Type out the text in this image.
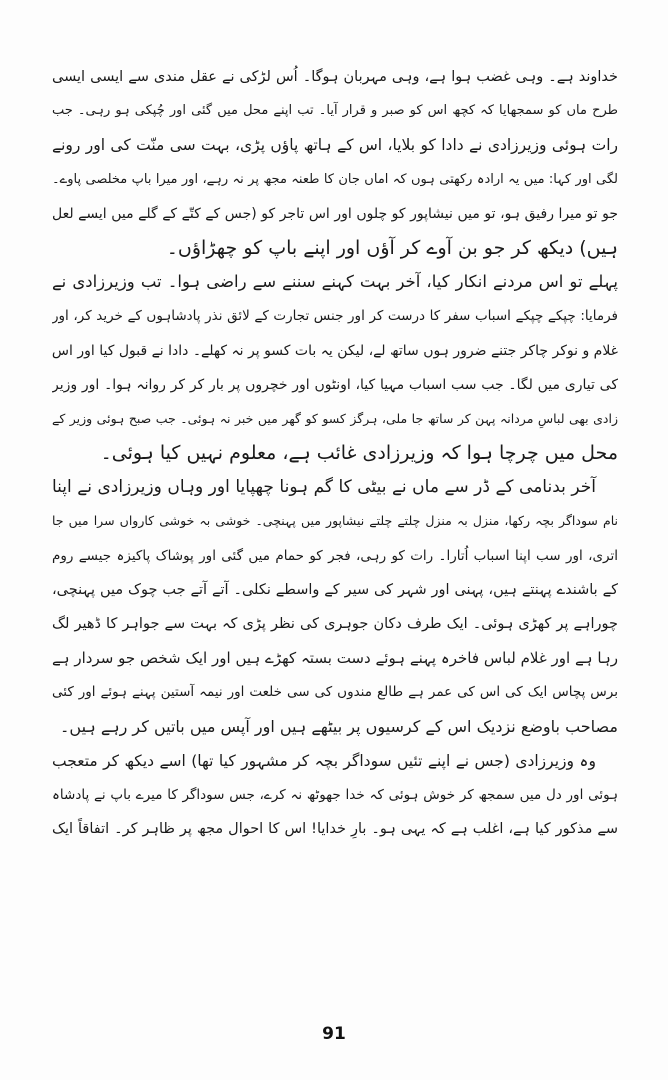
خداوند ہے۔ وہی غضب ہوا ہے، وہی مہربان ہوگا۔ اُس لڑکی نے عقل مندی سے ایسی ایسی
طرح ماں کو سمجھایا کہ کچھ اس کو صبر و قرار آیا۔ تب اپنے محل میں گئی اور چُپکی ہو رہی۔ جب
رات ہوئی وزیرزادی نے دادا کو بلایا، اس کے ہاتھ پاؤں پڑی، بہت سی منّت کی اور رونے
لگی اور کہا: میں یہ ارادہ رکھتی ہوں کہ اماں جان کا طعنہ مجھ پر نہ رہے، اور میرا باپ مخلصی پاوے۔
جو تو میرا رفیق ہو، تو میں نیشاپور کو چلوں اور اس تاجر کو (جس کے کتّے کے گلے میں ایسے لعل
ہیں) دیکھ کر جو بن آوے کر آؤں اور اپنے باپ کو چھڑاؤں۔
پہلے تو اس مردنے انکار کیا، آخر بہت کہنے سننے سے راضی ہوا۔ تب وزیرزادی نے
فرمایا: چپکے چپکے اسباب سفر کا درست کر اور جنس تجارت کے لائق نذر پادشاہوں کے خرید کر، اور
غلام و نوکر چاکر جتنے ضرور ہوں ساتھ لے، لیکن یہ بات کسو پر نہ کھلے۔ دادا نے قبول کیا اور اس
کی تیاری میں لگا۔ جب سب اسباب مہیا کیا، اونٹوں اور خچروں پر بار کر کر روانہ ہوا۔ اور وزیر
زادی بھی لباسِ مردانہ پہن کر ساتھ جا ملی، ہرگز کسو کو گھر میں خبر نہ ہوئی۔ جب صبح ہوئی وزیر کے
محل میں چرچا ہوا کہ وزیرزادی غائب ہے، معلوم نہیں کیا ہوئی۔
آخر بدنامی کے ڈر سے ماں نے بیٹی کا گم ہونا چھپایا اور وہاں وزیرزادی نے اپنا
نام سوداگر بچہ رکھا، منزل بہ منزل چلتے چلتے نیشاپور میں پہنچی۔ خوشی بہ خوشی کارواں سرا میں جا
اتری، اور سب اپنا اسباب اُتارا۔ رات کو رہی، فجر کو حمام میں گئی اور پوشاک پاکیزہ جیسے روم
کے باشندے پہنتے ہیں، پہنی اور شہر کی سیر کے واسطے نکلی۔ آتے آتے جب چوک میں پہنچی،
چوراہے پر کھڑی ہوئی۔ ایک طرف دکان جوہری کی نظر پڑی کہ بہت سے جواہر کا ڈھیر لگ
رہا ہے اور غلام لباس فاخرہ پہنے ہوئے دست بستہ کھڑے ہیں اور ایک شخص جو سردار ہے
برس پچاس ایک کی اس کی عمر ہے طالع مندوں کی سی خلعت اور نیمہ آستین پہنے ہوئے اور کئی
مصاحب باوضع نزدیک اس کے کرسیوں پر بیٹھے ہیں اور آپس میں باتیں کر رہے ہیں۔
وہ وزیرزادی (جس نے اپنے تئیں سوداگر بچہ کر مشہور کیا تھا) اسے دیکھ کر متعجب
ہوئی اور دل میں سمجھ کر خوش ہوئی کہ خدا جھوٹھ نہ کرے، جس سوداگر کا میرے باپ نے پادشاہ
سے مذکور کیا ہے، اغلب ہے کہ یہی ہو۔ بارِ خدایا! اس کا احوال مجھ پر ظاہر کر۔ اتفاقاً ایک
91
